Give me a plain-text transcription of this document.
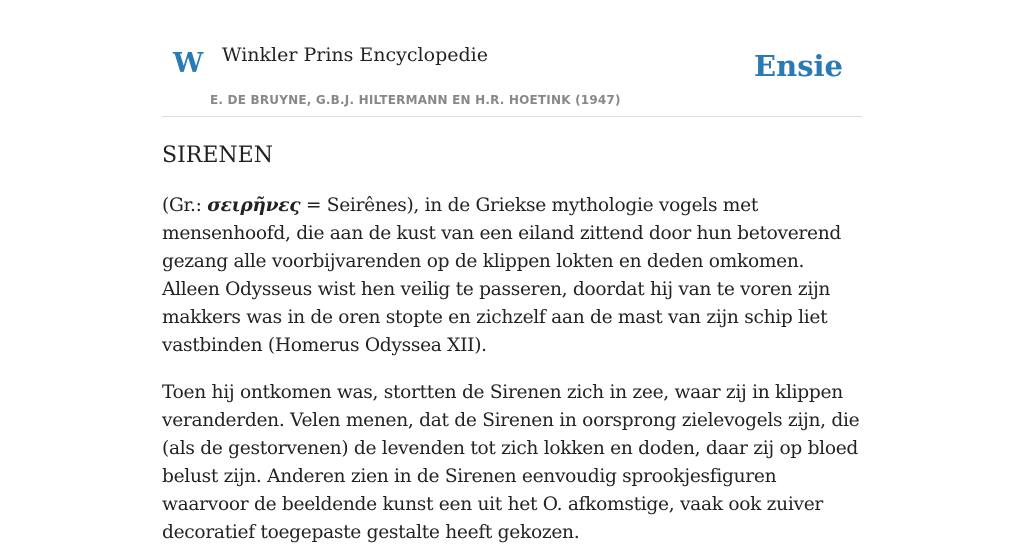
W Winkler Prins Encyclopedie
E. DE BRUYNE, G.B.J. HILTERMANN EN H.R. HOETINK (1947)
Ensie
SIRENEN

(Gr.: σειρῆνες = Seirênes), in de Griekse mythologie vogels met mensenhoofd, die aan de kust van een eiland zittend door hun betoverend gezang alle voorbijvarenden op de klippen lokten en deden omkomen. Alleen Odysseus wist hen veilig te passeren, doordat hij van te voren zijn makkers was in de oren stopte en zichzelf aan de mast van zijn schip liet vastbinden (Homerus Odyssea XII).

Toen hij ontkomen was, stortten de Sirenen zich in zee, waar zij in klippen veranderden. Velen menen, dat de Sirenen in oorsprong zielevogels zijn, die (als de gestorvenen) de levenden tot zich lokken en doden, daar zij op bloed belust zijn. Anderen zien in de Sirenen eenvoudig sprookjesfiguren waarvoor de beeldende kunst een uit het O. afkomstige, vaak ook zuiver decoratief toegepaste gestalte heeft gekozen.
